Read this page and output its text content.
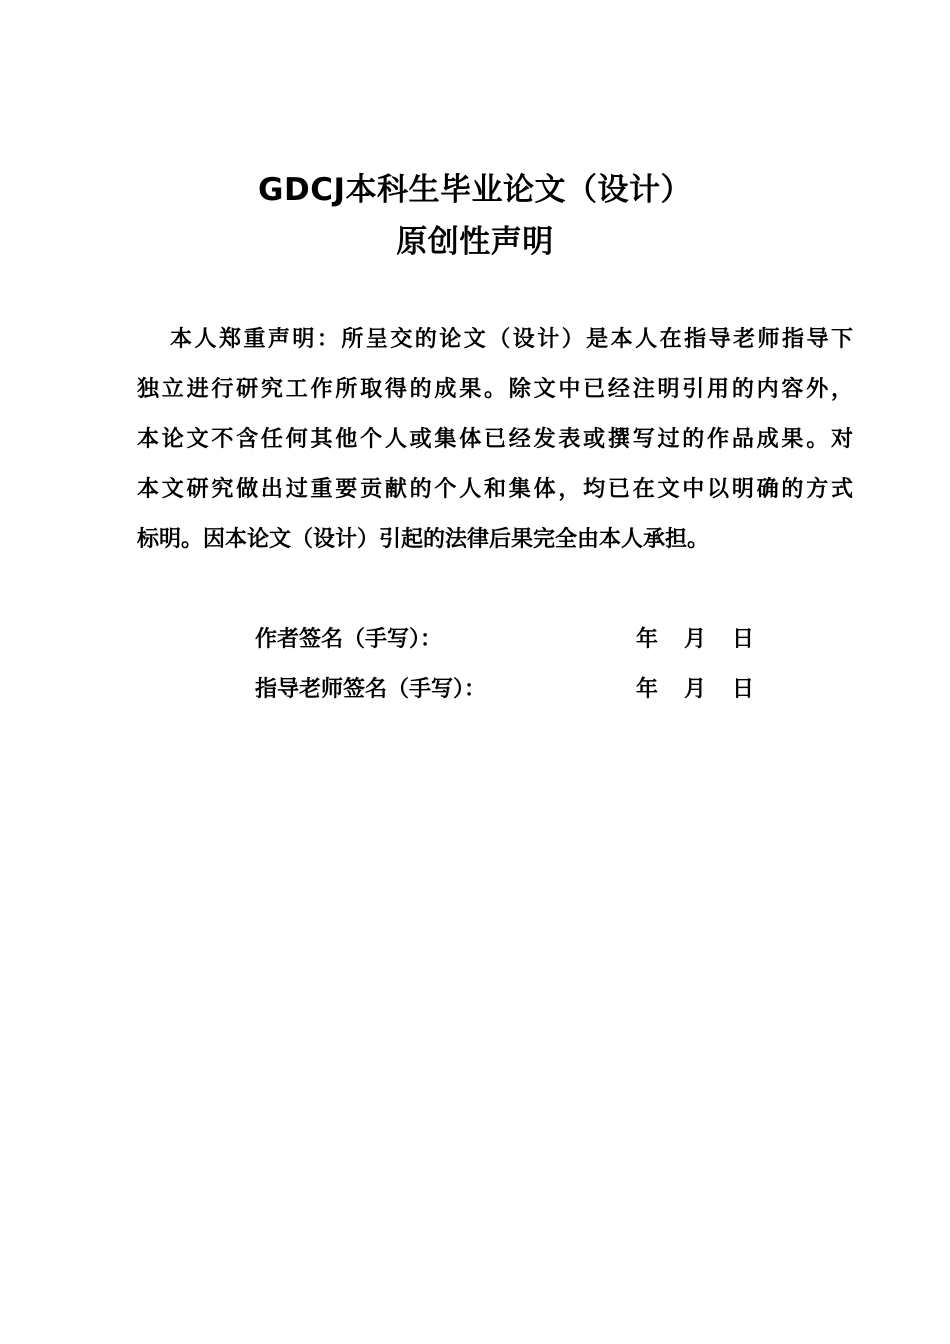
GDCJ本科生毕业论文（设计）
原创性声明
本人郑重声明：所呈交的论文（设计）是本人在指导老师指导下
独立进行研究工作所取得的成果。除文中已经注明引用的内容外，
本论文不含任何其他个人或集体已经发表或撰写过的作品成果。对
本文研究做出过重要贡献的个人和集体，均已在文中以明确的方式
标明。因本论文（设计）引起的法律后果完全由本人承担。
作者签名（手写）：	年 月 日
指导老师签名（手写）：	年 月 日
